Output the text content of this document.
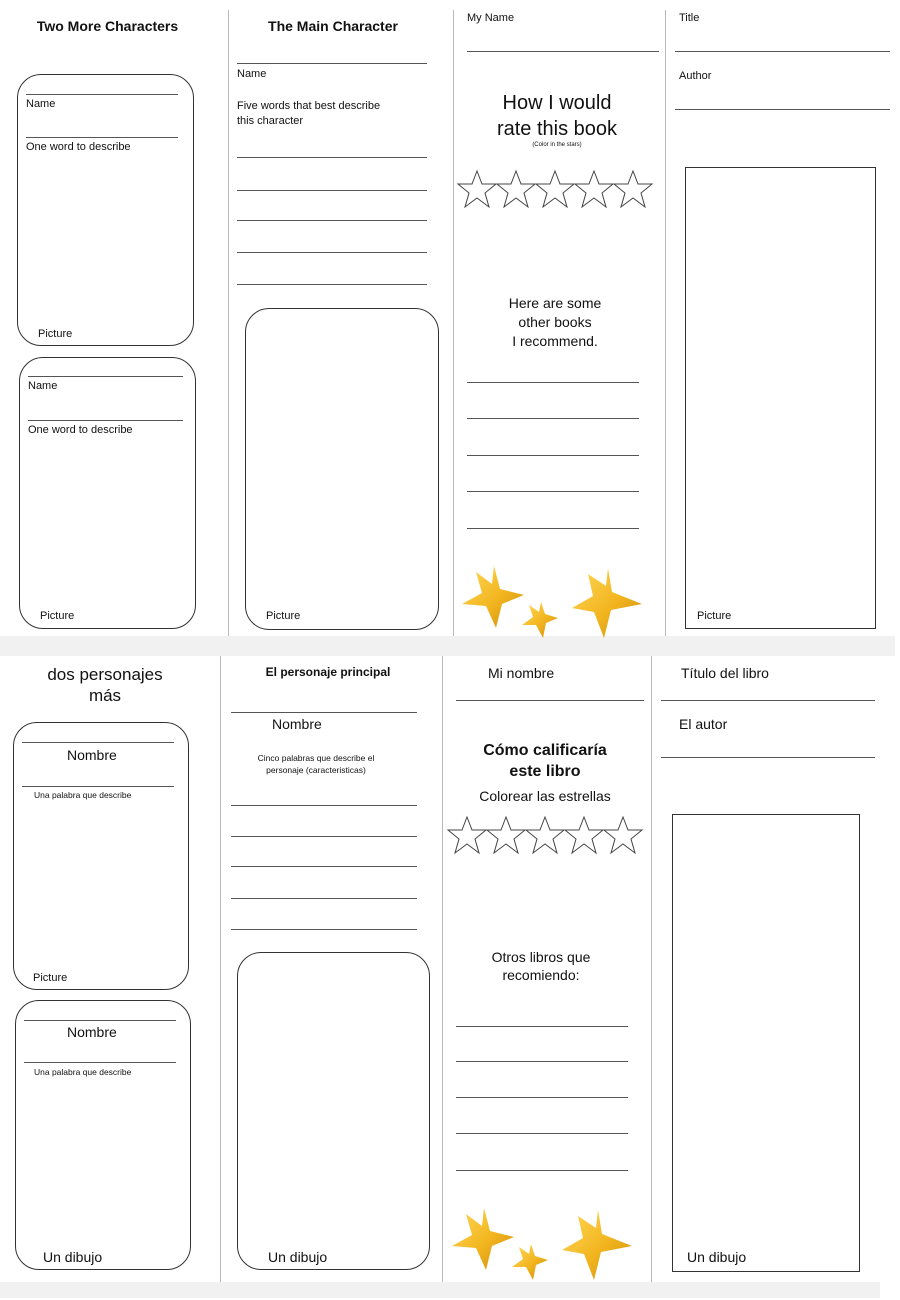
Two More Characters
Name
One word to describe
Picture
Name
One word to describe
Picture
The Main Character
Name
Five words that best describe
this character
Picture
My Name
How I would
rate this book
(Color in the stars)
Here are some
other books
I recommend.
Title
Author
Picture
dos personajes
más
Nombre
Una palabra que describe
Picture
Nombre
Una palabra que describe
Un dibujo
El personaje principal
Nombre
Cinco palabras que describe el
personaje (caracteristicas)
Un dibujo
Mi nombre
Cómo calificaría
este libro
Colorear las estrellas
Otros libros que
recomiendo:
Título del libro
El autor
Un dibujo
